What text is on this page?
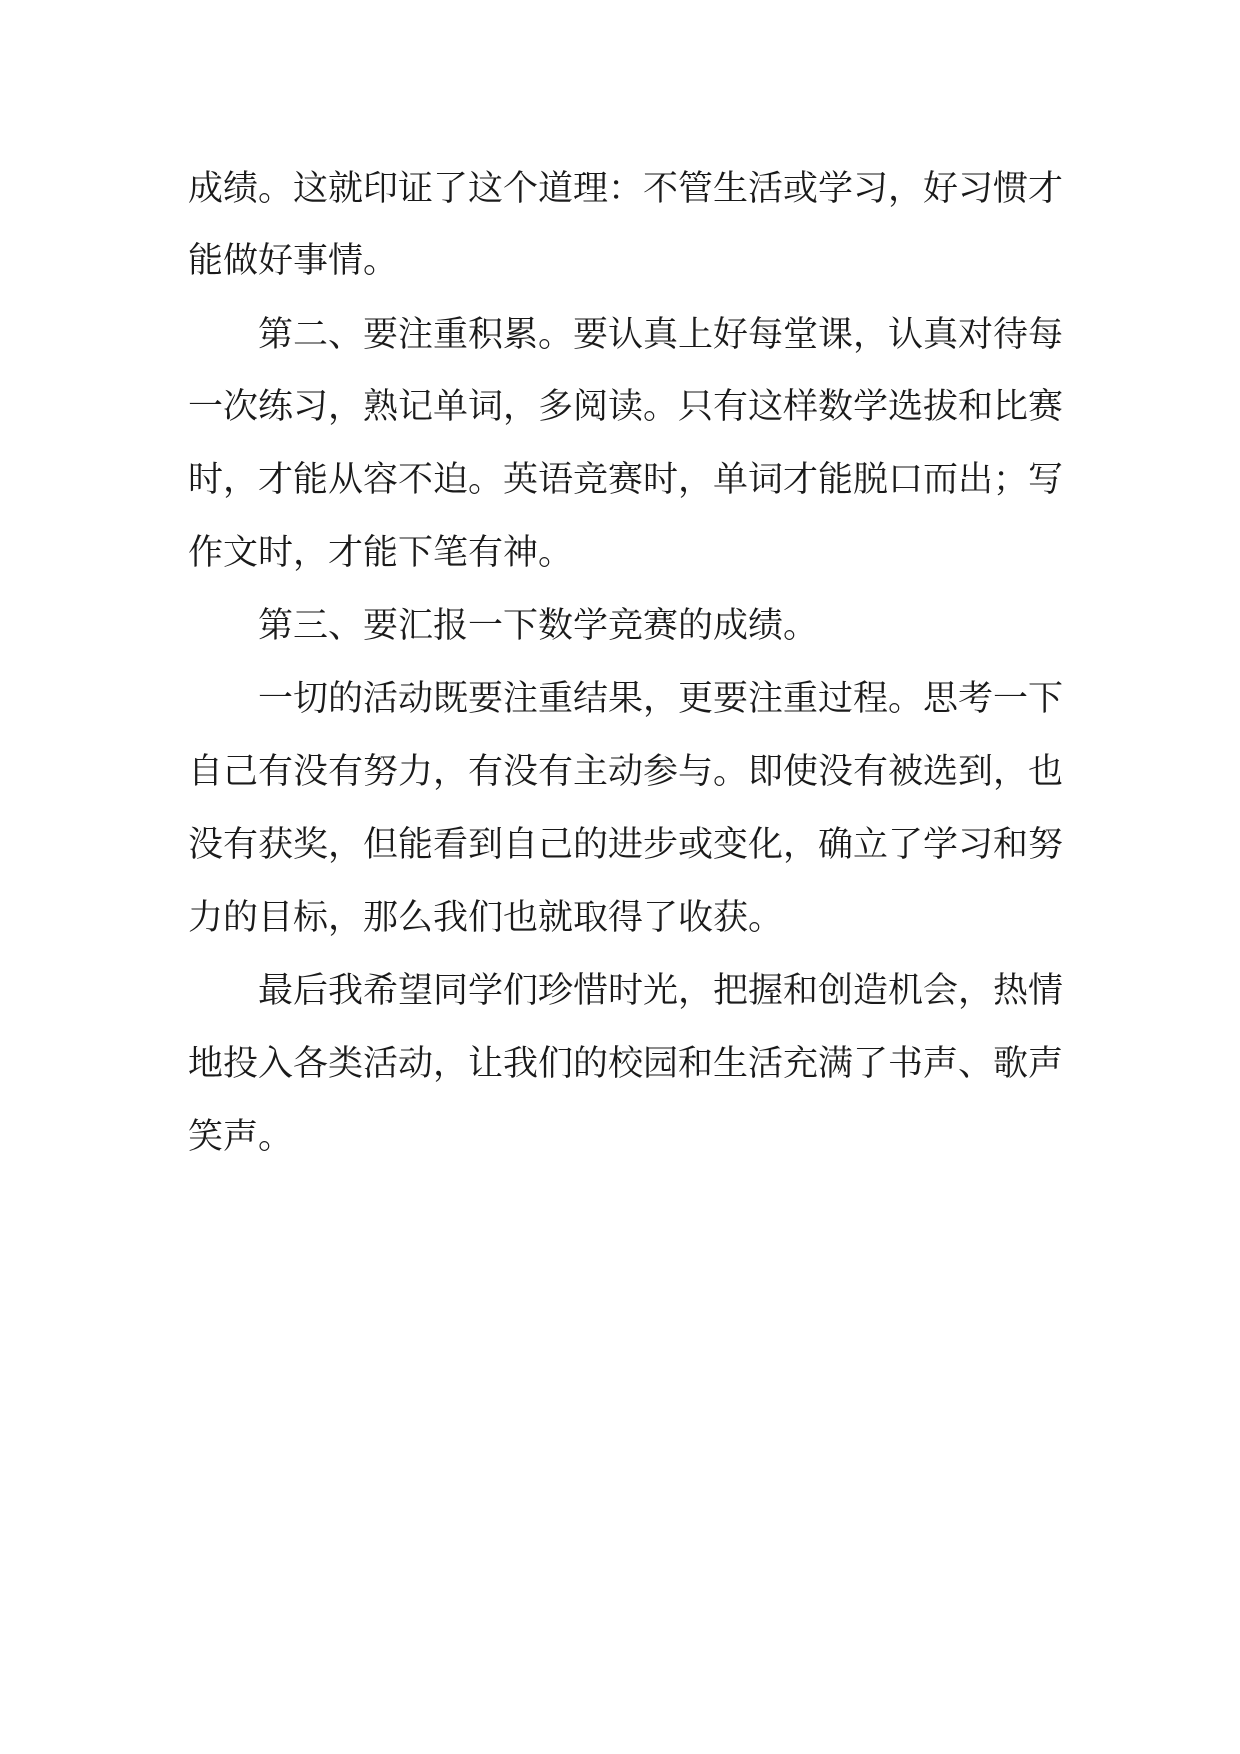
成绩。这就印证了这个道理：不管生活或学习，好习惯才
能做好事情。
第二、要注重积累。要认真上好每堂课，认真对待每
一次练习，熟记单词，多阅读。只有这样数学选拔和比赛
时，才能从容不迫。英语竞赛时，单词才能脱口而出；写
作文时，才能下笔有神。
第三、要汇报一下数学竞赛的成绩。
一切的活动既要注重结果，更要注重过程。思考一下
自己有没有努力，有没有主动参与。即使没有被选到，也
没有获奖，但能看到自己的进步或变化，确立了学习和努
力的目标，那么我们也就取得了收获。
最后我希望同学们珍惜时光，把握和创造机会，热情
地投入各类活动，让我们的校园和生活充满了书声、歌声
笑声。
